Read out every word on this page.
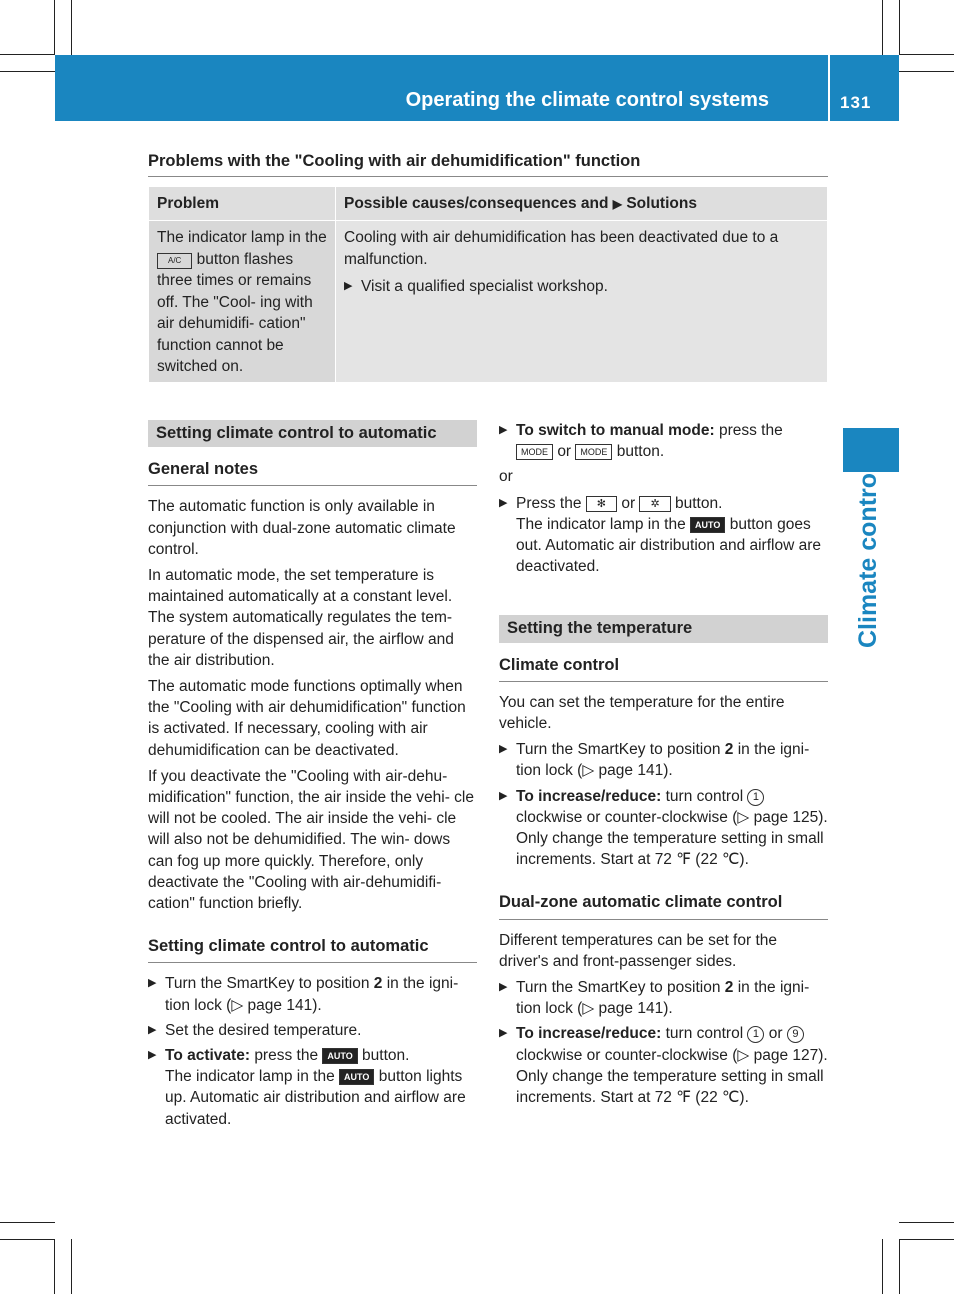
Operating the climate control systems	131
Climate control
Problems with the "Cooling with air dehumidification" function
Problem	Possible causes/consequences and ▶ Solutions
The indicator lamp in the A/C button flashes three times or remains off. The "Cool- ing with air dehumidifi- cation" function cannot be switched on.	Cooling with air dehumidification has been deactivated due to a malfunction.
▶ Visit a qualified specialist workshop.
Setting climate control to automatic
General notes

The automatic function is only available in conjunction with dual-zone automatic climate control.

In automatic mode, the set temperature is maintained automatically at a constant level. The system automatically regulates the tem- perature of the dispensed air, the airflow and the air distribution.

The automatic mode functions optimally when the "Cooling with air dehumidification" function is activated. If necessary, cooling with air dehumidification can be deactivated.

If you deactivate the "Cooling with air-dehu- midification" function, the air inside the vehi- cle will not be cooled. The air inside the vehi- cle will also not be dehumidified. The win- dows can fog up more quickly. Therefore, only deactivate the "Cooling with air-dehumidifi- cation" function briefly.

Setting climate control to automatic
▶ Turn the SmartKey to position 2 in the igni- tion lock (▷ page 141).
▶ Set the desired temperature.
▶ To activate: press the AUTO button.
The indicator lamp in the AUTO button lights up. Automatic air distribution and airflow are activated.
▶ To switch to manual mode: press the
MODE or MODE button.

or

▶ Press the ✻ or ✲ button.
The indicator lamp in the AUTO button goes out. Automatic air distribution and airflow are deactivated.
Setting the temperature
Climate control

You can set the temperature for the entire vehicle.

▶ Turn the SmartKey to position 2 in the igni- tion lock (▷ page 141).
▶ To increase/reduce: turn control 1 clockwise or counter-clockwise (▷ page 125). Only change the temperature setting in small increments. Start at 72 ℉ (22 ℃).
Dual-zone automatic climate control

Different temperatures can be set for the driver's and front-passenger sides.

▶ Turn the SmartKey to position 2 in the igni- tion lock (▷ page 141).
▶ To increase/reduce: turn control 1 or 9 clockwise or counter-clockwise (▷ page 127). Only change the temperature setting in small increments. Start at 72 ℉ (22 ℃).
